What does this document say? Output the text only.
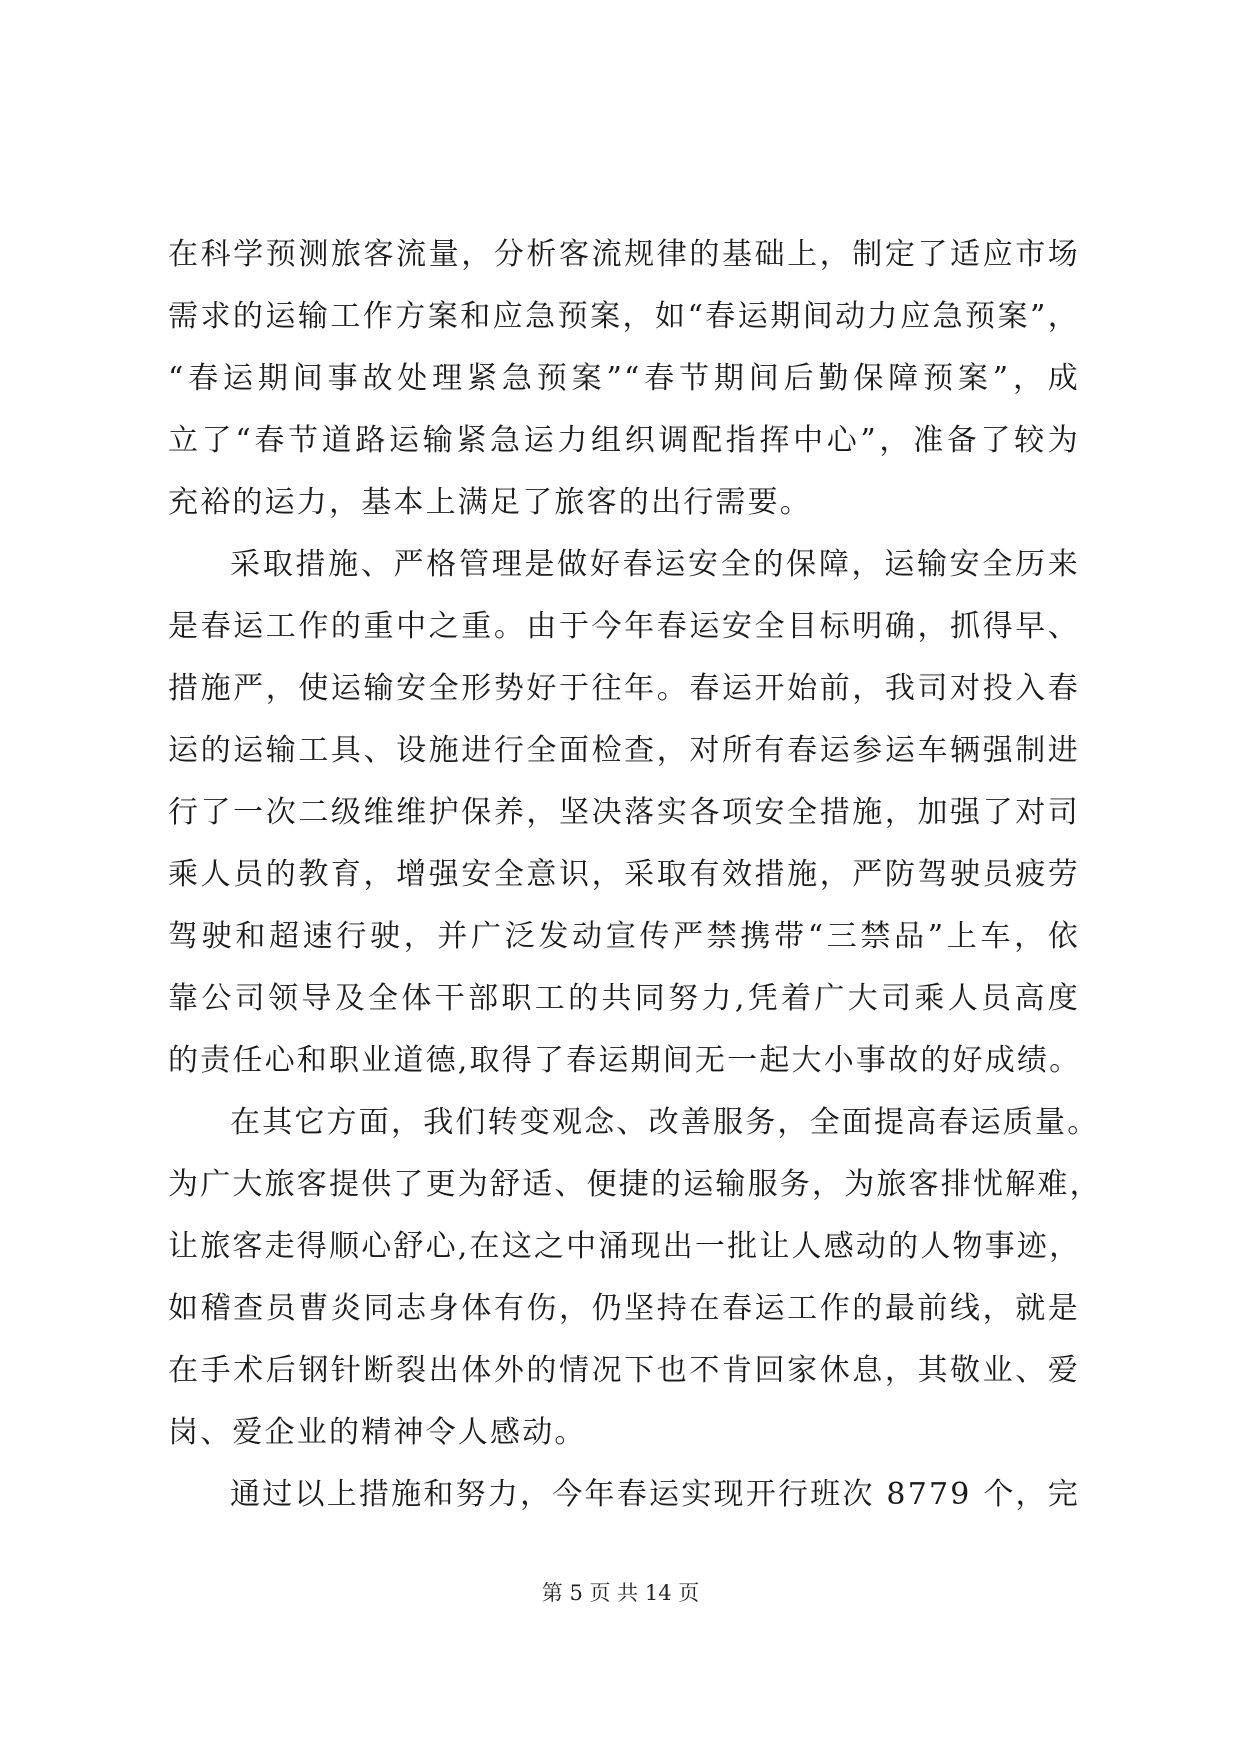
在科学预测旅客流量，分析客流规律的基础上，制定了适应市场
需求的运输工作方案和应急预案，如“春运期间动力应急预案”，
“春运期间事故处理紧急预案”“春节期间后勤保障预案”，成
立了“春节道路运输紧急运力组织调配指挥中心”，准备了较为
充裕的运力，基本上满足了旅客的出行需要。
采取措施、严格管理是做好春运安全的保障，运输安全历来
是春运工作的重中之重。由于今年春运安全目标明确，抓得早、
措施严，使运输安全形势好于往年。春运开始前，我司对投入春
运的运输工具、设施进行全面检查，对所有春运参运车辆强制进
行了一次二级维维护保养，坚决落实各项安全措施，加强了对司
乘人员的教育，增强安全意识，采取有效措施，严防驾驶员疲劳
驾驶和超速行驶，并广泛发动宣传严禁携带“三禁品”上车，依
靠公司领导及全体干部职工的共同努力,凭着广大司乘人员高度
的责任心和职业道德,取得了春运期间无一起大小事故的好成绩。
在其它方面，我们转变观念、改善服务，全面提高春运质量。
为广大旅客提供了更为舒适、便捷的运输服务，为旅客排忧解难，
让旅客走得顺心舒心,在这之中涌现出一批让人感动的人物事迹，
如稽查员曹炎同志身体有伤，仍坚持在春运工作的最前线，就是
在手术后钢针断裂出体外的情况下也不肯回家休息，其敬业、爱
岗、爱企业的精神令人感动。
通过以上措施和努力，今年春运实现开行班次 8779 个，完
第 5 页 共 14 页
